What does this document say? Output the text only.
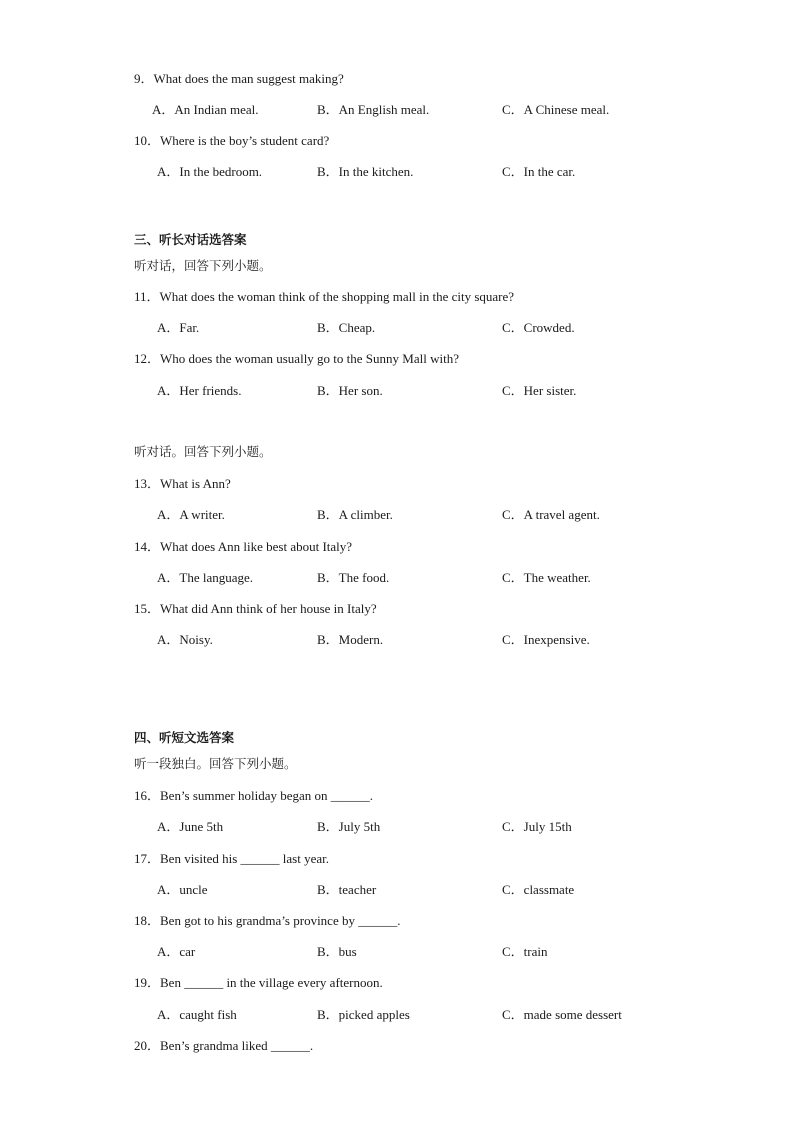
9．What does the man suggest making?
A．An Indian meal.	B．An English meal.	C．A Chinese meal.
10．Where is the boy’s student card?
A．In the bedroom.	B．In the kitchen.	C．In the car.
三、听长对话选答案
听对话，回答下列小题。
11．What does the woman think of the shopping mall in the city square?
A．Far.	B．Cheap.	C．Crowded.
12．Who does the woman usually go to the Sunny Mall with?
A．Her friends.	B．Her son.	C．Her sister.
听对话。回答下列小题。
13．What is Ann?
A．A writer.	B．A climber.	C．A travel agent.
14．What does Ann like best about Italy?
A．The language.	B．The food.	C．The weather.
15．What did Ann think of her house in Italy?
A．Noisy.	B．Modern.	C．Inexpensive.
四、听短文选答案
听一段独白。回答下列小题。
16．Ben’s summer holiday began on ______.
A．June 5th	B．July 5th	C．July 15th
17．Ben visited his ______ last year.
A．uncle	B．teacher	C．classmate
18．Ben got to his grandma’s province by ______.
A．car	B．bus	C．train
19．Ben ______ in the village every afternoon.
A．caught fish	B．picked apples	C．made some dessert
20．Ben’s grandma liked ______.
